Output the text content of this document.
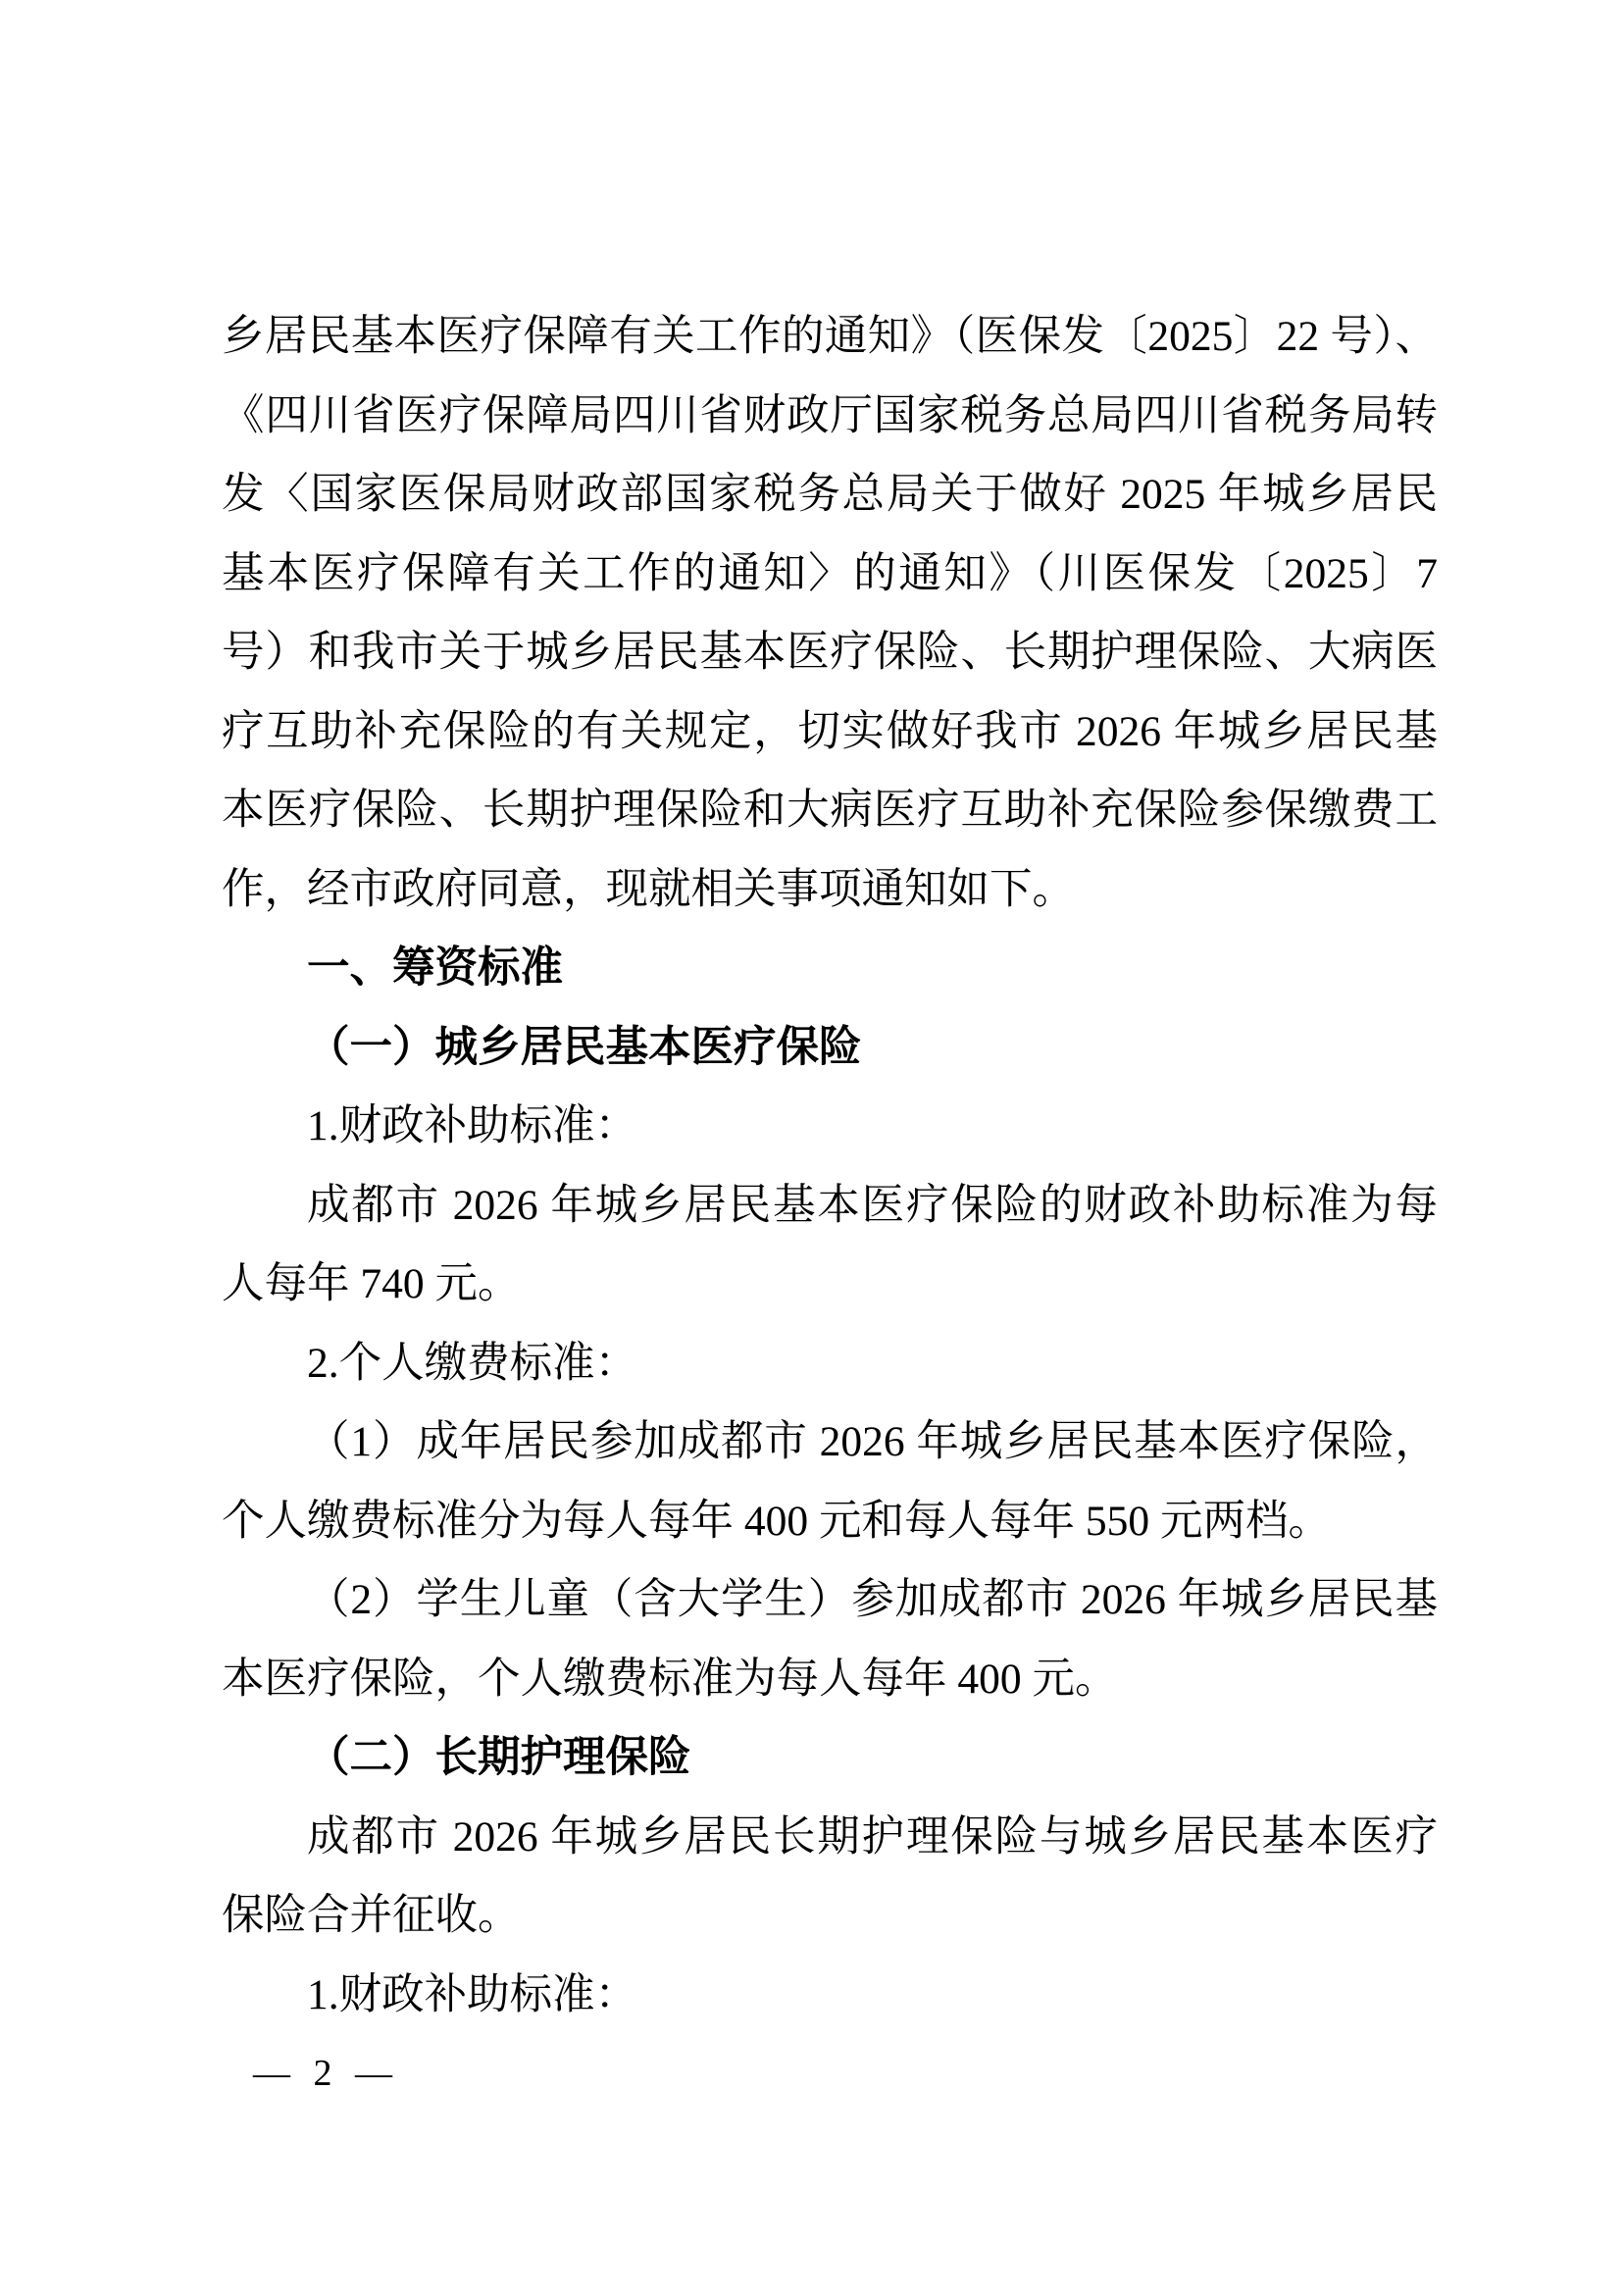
乡居民基本医疗保障有关工作的通知》（医保发〔2025〕22 号）、
《四川省医疗保障局四川省财政厅国家税务总局四川省税务局转
发〈国家医保局财政部国家税务总局关于做好 2025 年城乡居民
基本医疗保障有关工作的通知〉的通知》（川医保发〔2025〕7
号）和我市关于城乡居民基本医疗保险、长期护理保险、大病医
疗互助补充保险的有关规定，切实做好我市 2026 年城乡居民基
本医疗保险、长期护理保险和大病医疗互助补充保险参保缴费工
作，经市政府同意，现就相关事项通知如下。
一、筹资标准
（一）城乡居民基本医疗保险
1.财政补助标准：
成都市 2026 年城乡居民基本医疗保险的财政补助标准为每
人每年 740 元。
2.个人缴费标准：
（1）成年居民参加成都市 2026 年城乡居民基本医疗保险，
个人缴费标准分为每人每年 400 元和每人每年 550 元两档。
（2）学生儿童（含大学生）参加成都市 2026 年城乡居民基
本医疗保险，个人缴费标准为每人每年 400 元。
（二）长期护理保险
成都市 2026 年城乡居民长期护理保险与城乡居民基本医疗
保险合并征收。
1.财政补助标准：
— 2 —
